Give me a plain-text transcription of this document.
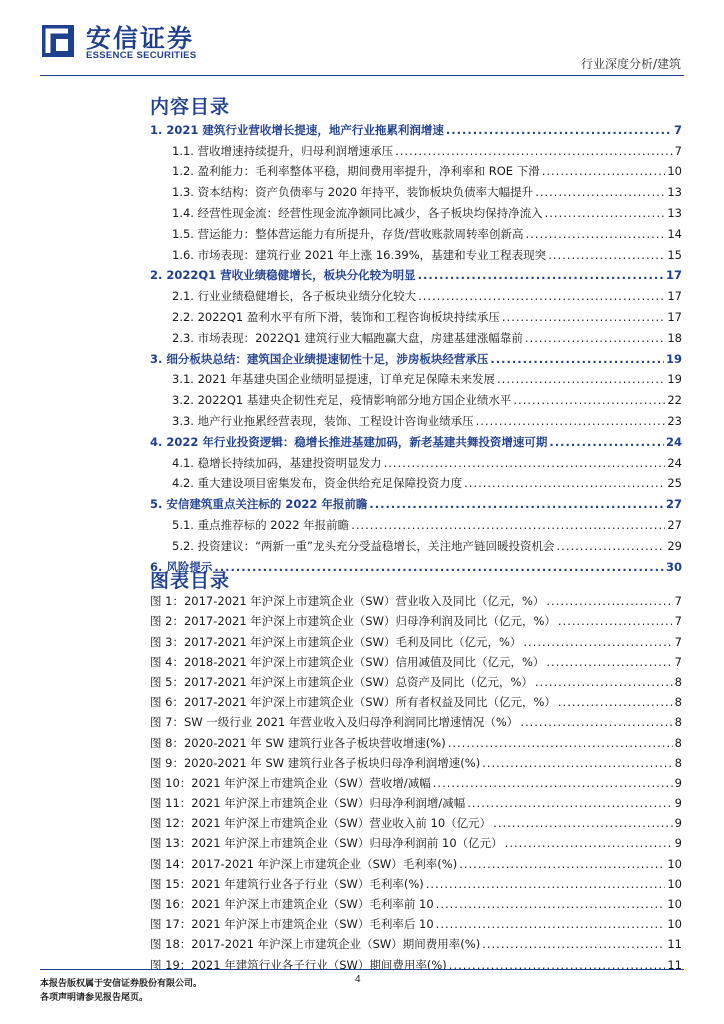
安信证券
ESSENCE SECURITIES
行业深度分析/建筑
内容目录
1. 2021 建筑行业营收增长提速，地产行业拖累利润增速 .....	7
1.1. 营收增速持续提升，归母利润增速承压 .....	7
1.2. 盈利能力：毛利率整体平稳，期间费用率提升，净利率和 ROE 下滑 .....	10
1.3. 资本结构：资产负债率与 2020 年持平，装饰板块负债率大幅提升 .....	13
1.4. 经营性现金流：经营性现金流净额同比减少，各子板块均保持净流入 .....	13
1.5. 营运能力：整体营运能力有所提升，存货/营收账款周转率创新高 .....	14
1.6. 市场表现：建筑行业 2021 年上涨 16.39%，基建和专业工程表现突 .....	15
2. 2022Q1 营收业绩稳健增长，板块分化较为明显 .....	17
2.1. 行业业绩稳健增长，各子板块业绩分化较大 .....	17
2.2. 2022Q1 盈利水平有所下滑，装饰和工程咨询板块持续承压 .....	17
2.3. 市场表现：2022Q1 建筑行业大幅跑赢大盘，房建基建涨幅靠前 .....	18
3. 细分板块总结：建筑国企业绩提速韧性十足，涉房板块经营承压 .....	19
3.1. 2021 年基建央国企业绩明显提速，订单充足保障未来发展 .....	19
3.2. 2022Q1 基建央企韧性充足，疫情影响部分地方国企业绩水平 .....	22
3.3. 地产行业拖累经营表现，装饰、工程设计咨询业绩承压 .....	23
4. 2022 年行业投资逻辑：稳增长推进基建加码，新老基建共舞投资增速可期 .....	24
4.1. 稳增长持续加码，基建投资明显发力 .....	24
4.2. 重大建设项目密集发布，资金供给充足保障投资力度 .....	25
5. 安信建筑重点关注标的 2022 年报前瞻 .....	27
5.1. 重点推荐标的 2022 年报前瞻 .....	27
5.2. 投资建议：“两新一重”龙头充分受益稳增长，关注地产链回暖投资机会 .....	29
6. 风险提示 .....	30
图表目录
图 1：2017-2021 年沪深上市建筑企业（SW）营业收入及同比（亿元，%） .....	7
图 2：2017-2021 年沪深上市建筑企业（SW）归母净利润及同比（亿元，%） .....	7
图 3：2017-2021 年沪深上市建筑企业（SW）毛利及同比（亿元，%） .....	7
图 4：2018-2021 年沪深上市建筑企业（SW）信用减值及同比（亿元，%） .....	7
图 5：2017-2021 年沪深上市建筑企业（SW）总资产及同比（亿元，%） .....	8
图 6：2017-2021 年沪深上市建筑企业（SW）所有者权益及同比（亿元，%） .....	8
图 7：SW 一级行业 2021 年营业收入及归母净利润同比增速情况（%） .....	8
图 8：2020-2021 年 SW 建筑行业各子板块营收增速(%) .....	8
图 9：2020-2021 年 SW 建筑行业各子板块归母净利润增速(%) .....	8
图 10：2021 年沪深上市建筑企业（SW）营收增/减幅 .....	9
图 11：2021 年沪深上市建筑企业（SW）归母净利润增/减幅 .....	9
图 12：2021 年沪深上市建筑企业（SW）营业收入前 10（亿元） .....	9
图 13：2021 年沪深上市建筑企业（SW）归母净利润前 10（亿元） .....	9
图 14：2017-2021 年沪深上市建筑企业（SW）毛利率(%) .....	10
图 15：2021 年建筑行业各子行业（SW）毛利率(%) .....	10
图 16：2021 年沪深上市建筑企业（SW）毛利率前 10 .....	10
图 17：2021 年沪深上市建筑企业（SW）毛利率后 10 .....	10
图 18：2017-2021 年沪深上市建筑企业（SW）期间费用率(%) .....	11
图 19：2021 年建筑行业各子行业（SW）期间费用率(%) .....	11
本报告版权属于安信证券股份有限公司。
各项声明请参见报告尾页。
4
